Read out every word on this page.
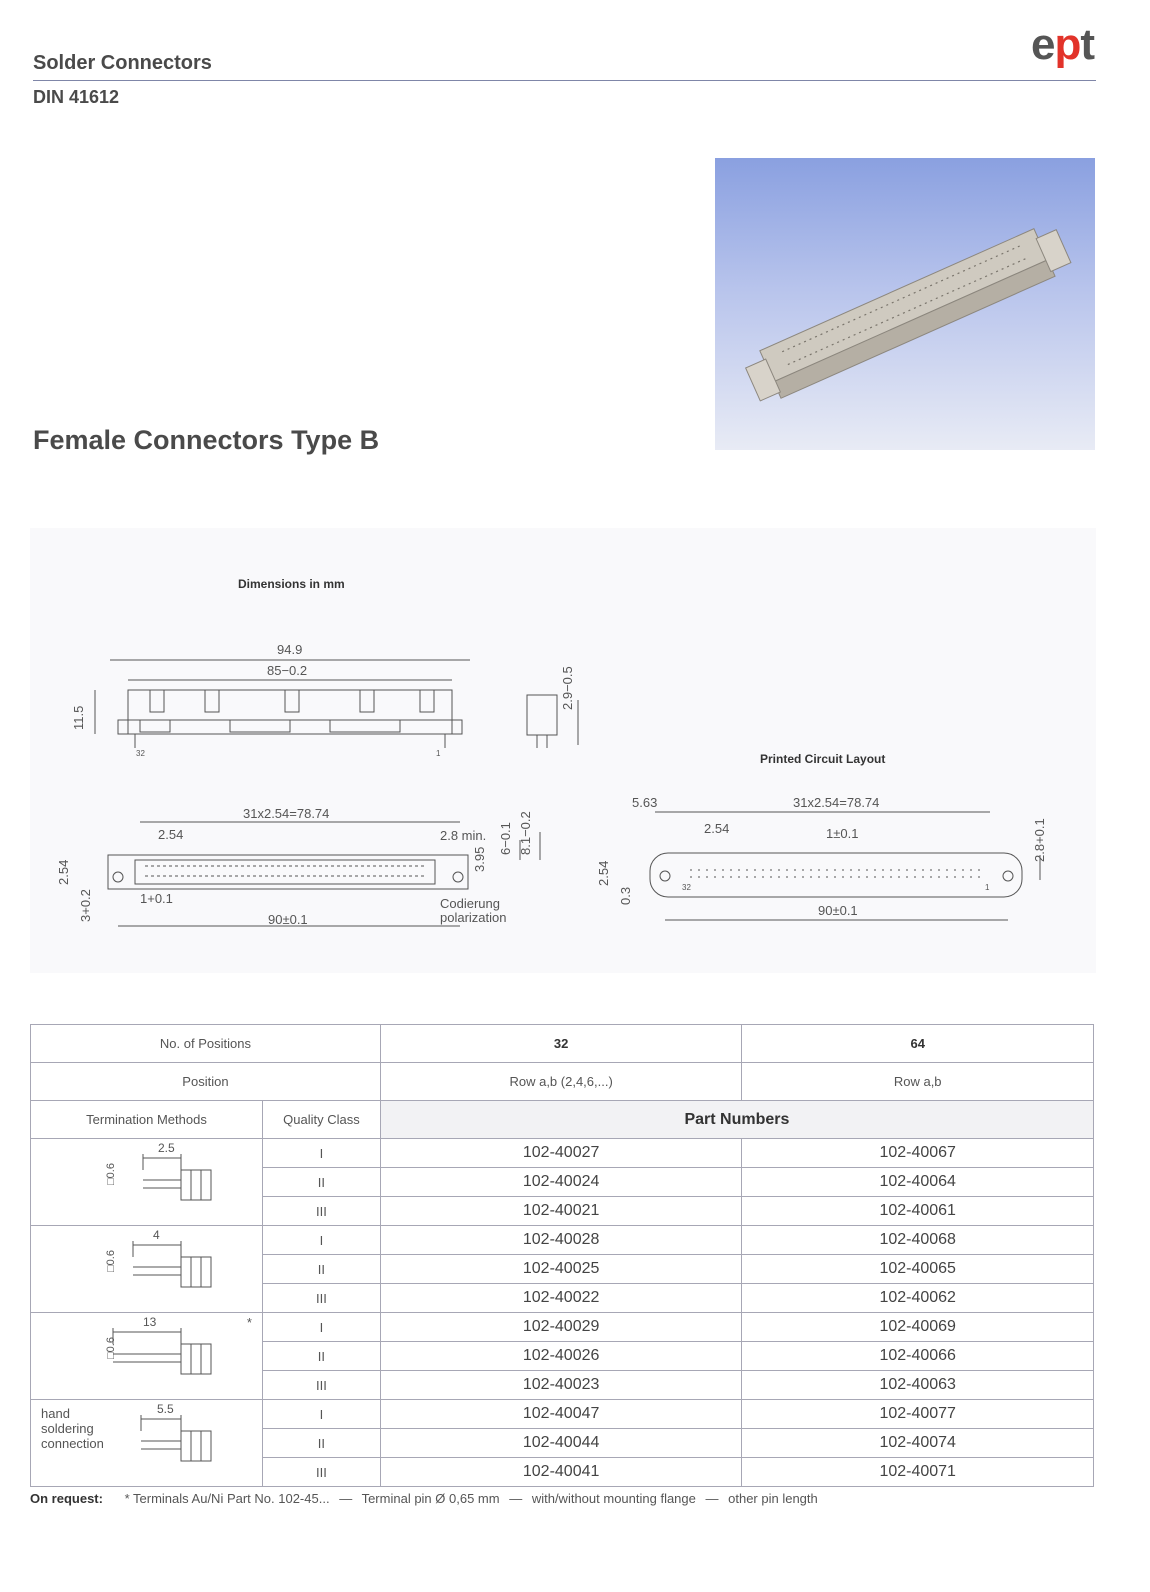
Solder Connectors
DIN 41612
ept
Female Connectors Type B
Dimensions in mm
Printed Circuit Layout
94.9
85−0.2
11.5
32	1
2.9−0.5
31x2.54=78.74
2.54	2.8 min.
3.95
6−0.1 8.1−0.2
2.54
3+0.2	1+0.1
90±0.1
Codierung
polarization
5.63	31x2.54=78.74
2.54	1±0.1
2.54
0.3
2.8+0.1
90±0.1
32	1
No. of Positions		32	64
Position		Row a,b (2,4,6,...)	Row a,b
Termination Methods	Quality Class	Part Numbers	

2.5
□0.6	I	102-40027	102-40067
	II	102-40024	102-40064
	III	102-40021	102-40061

4
□0.6	I	102-40028	102-40068
	II	102-40025	102-40065
	III	102-40022	102-40062

13
□0.6
*	I	102-40029	102-40069
	II	102-40026	102-40066
	III	102-40023	102-40063

5.5
hand soldering connection	I	102-40047	102-40077
	II	102-40044	102-40074
	III	102-40041	102-40071
On request: * Terminals Au/Ni Part No. 102-45... — Terminal pin Ø 0,65 mm — with/without mounting flange — other pin length
